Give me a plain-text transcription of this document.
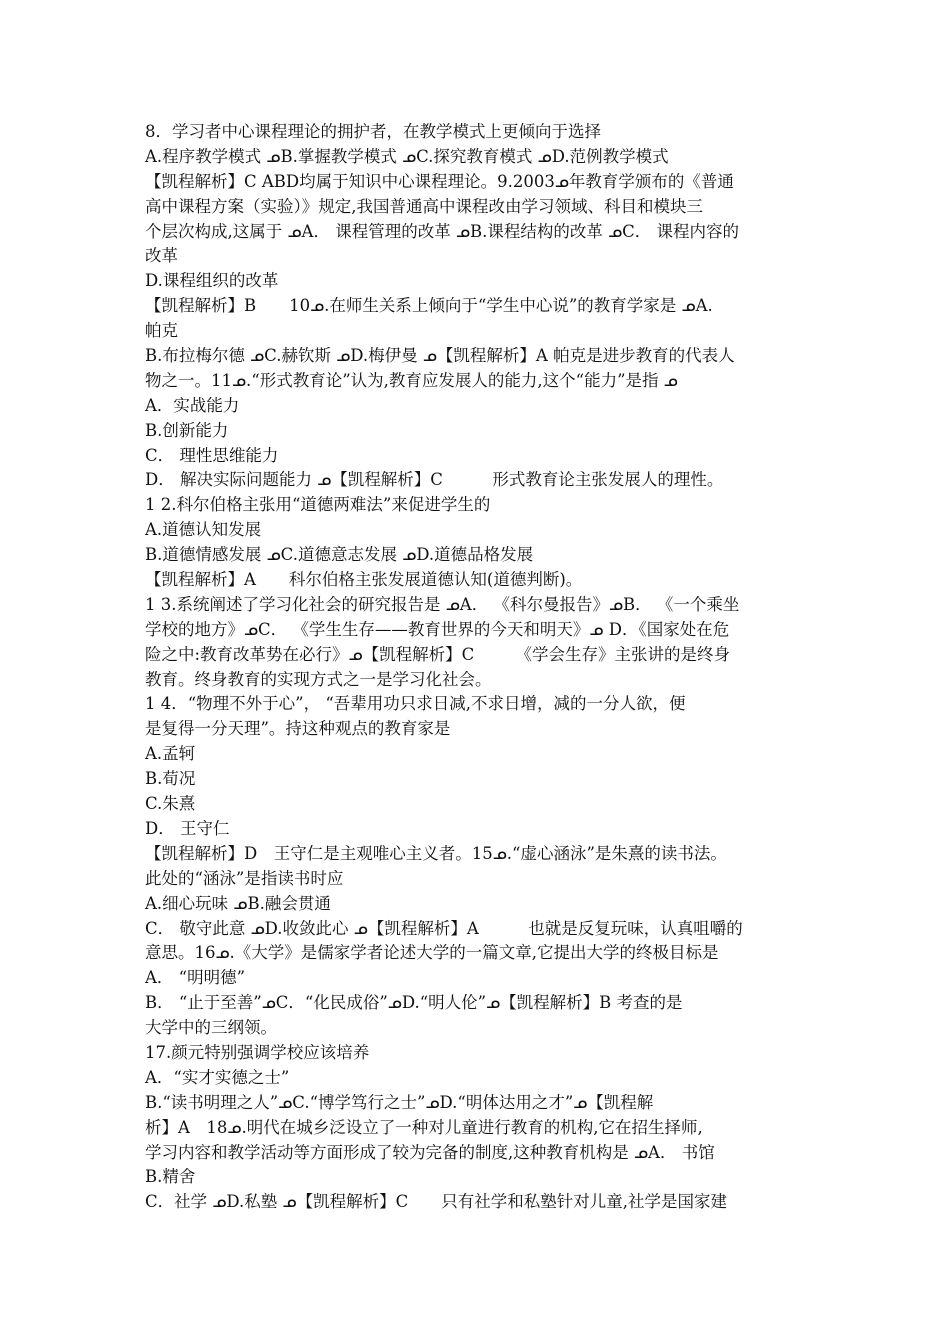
8．学习者中心课程理论的拥护者，在教学模式上更倾向于选择
A.程序教学模式 ᓄB.掌握教学模式 ᓄC.探究教育模式 ᓄD.范例教学模式
【凯程解析】C ABD均属于知识中心课程理论。9.2003ᓄ年教育学颁布的《普通
高中课程方案（实验）》规定,我国普通高中课程改由学习领域、科目和模块三
个层次构成,这属于 ᓄA． 课程管理的改革 ᓄB.课程结构的改革 ᓄC． 课程内容的
改革
D.课程组织的改革
【凯程解析】B　　10ᓄ.在师生关系上倾向于“学生中心说”的教育学家是 ᓄA.
帕克
B.布拉梅尔德 ᓄC.赫钦斯 ᓄD.梅伊曼 ᓄ【凯程解析】A 帕克是进步教育的代表人
物之一。11ᓄ.“形式教育论”认为,教育应发展人的能力,这个“能力”是指 ᓄ
A．实战能力
B.创新能力
C． 理性思维能力
D． 解决实际问题能力 ᓄ【凯程解析】C　　　形式教育论主张发展人的理性。
1 2.科尔伯格主张用“道德两难法”来促进学生的
A.道德认知发展
B.道德情感发展 ᓄC.道德意志发展 ᓄD.道德品格发展
【凯程解析】A　　科尔伯格主张发展道德认知(道德判断)。
1 3.系统阐述了学习化社会的研究报告是 ᓄA． 《科尔曼报告》ᓄB． 《一个乘坐
学校的地方》ᓄC． 《学生生存——教育世界的今天和明天》ᓄ D．《国家处在危
险之中:教育改革势在必行》ᓄ【凯程解析】C　　　《学会生存》主张讲的是终身
教育。终身教育的实现方式之一是学习化社会。
1 4．“物理不外于心”， “吾辈用功只求日减,不求日增，减的一分人欲，便
是复得一分天理”。持这种观点的教育家是
A.孟轲
B.荀况
C.朱熹
D． 王守仁
【凯程解析】D　王守仁是主观唯心主义者。15ᓄ.“虚心涵泳”是朱熹的读书法。
此处的“涵泳”是指读书时应
A.细心玩味 ᓄB.融会贯通
C． 敬守此意 ᓄD.收敛此心 ᓄ【凯程解析】A　　　也就是反复玩味，认真咀嚼的
意思。16ᓄ.《大学》是儒家学者论述大学的一篇文章,它提出大学的终极目标是
A． “明明德”
B． “止于至善”ᓄC．“化民成俗”ᓄD.“明人伦”ᓄ【凯程解析】B 考查的是
大学中的三纲领。
17.颜元特别强调学校应该培养
A．“实才实德之士”
B.“读书明理之人”ᓄC.“博学笃行之士”ᓄD.“明体达用之才”ᓄ【凯程解
析】A　18ᓄ.明代在城乡泛设立了一种对儿童进行教育的机构,它在招生择师,
学习内容和教学活动等方面形成了较为完备的制度,这种教育机构是 ᓄA． 书馆
B.精舍
C．社学 ᓄD.私塾 ᓄ【凯程解析】C　　只有社学和私塾针对儿童,社学是国家建
